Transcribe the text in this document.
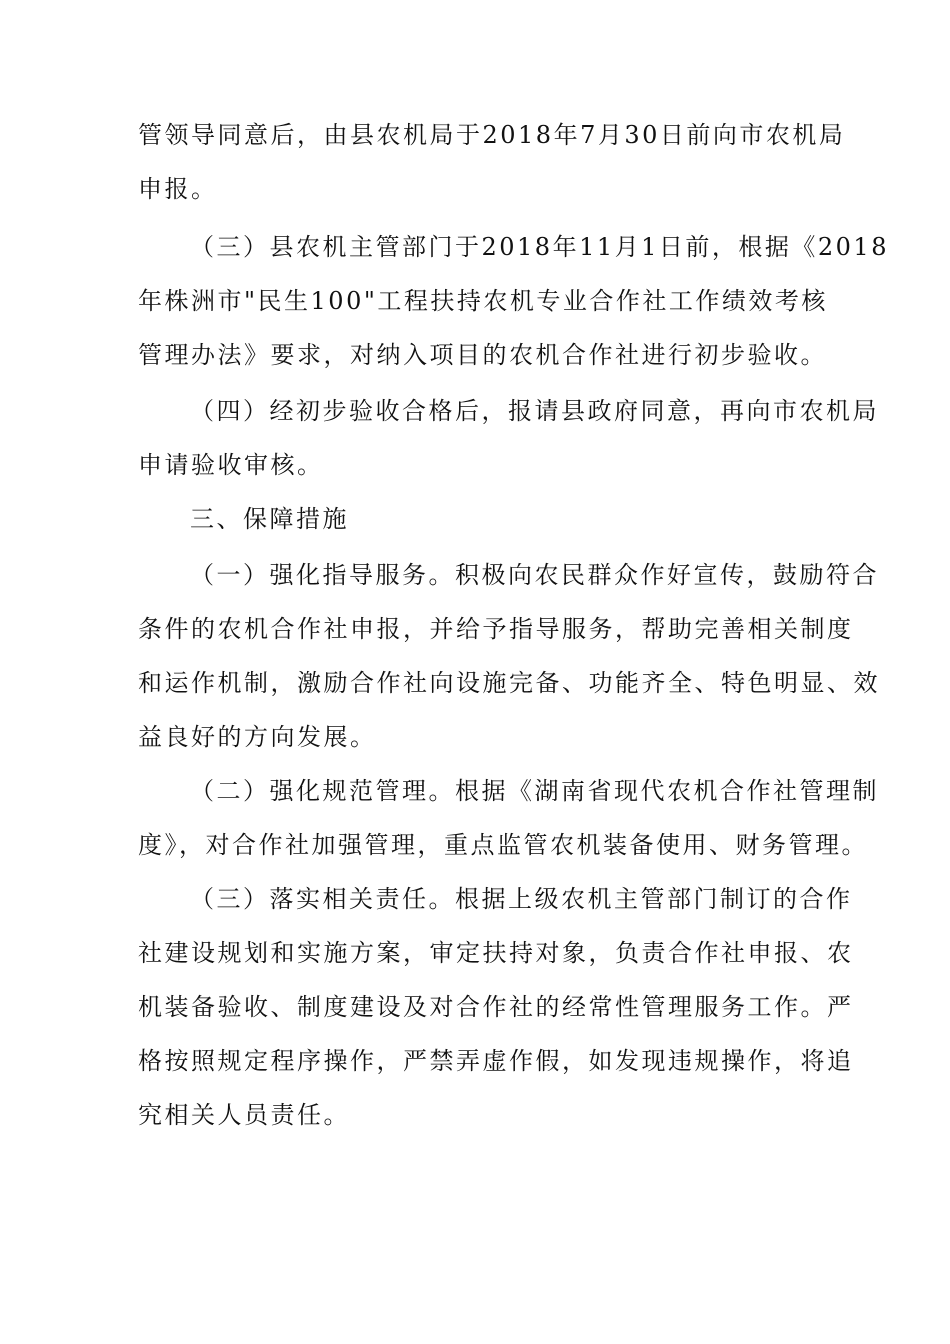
管领导同意后，由县农机局于2018年7月30日前向市农机局
申报。
（三）县农机主管部门于2018年11月1日前，根据《2018
年株洲市"民生100"工程扶持农机专业合作社工作绩效考核
管理办法》要求，对纳入项目的农机合作社进行初步验收。
（四）经初步验收合格后，报请县政府同意，再向市农机局
申请验收审核。
三、保障措施
（一）强化指导服务。积极向农民群众作好宣传，鼓励符合
条件的农机合作社申报，并给予指导服务，帮助完善相关制度
和运作机制，激励合作社向设施完备、功能齐全、特色明显、效
益良好的方向发展。
（二）强化规范管理。根据《湖南省现代农机合作社管理制
度》，对合作社加强管理，重点监管农机装备使用、财务管理。
（三）落实相关责任。根据上级农机主管部门制订的合作
社建设规划和实施方案，审定扶持对象，负责合作社申报、农
机装备验收、制度建设及对合作社的经常性管理服务工作。严
格按照规定程序操作，严禁弄虚作假，如发现违规操作，将追
究相关人员责任。
